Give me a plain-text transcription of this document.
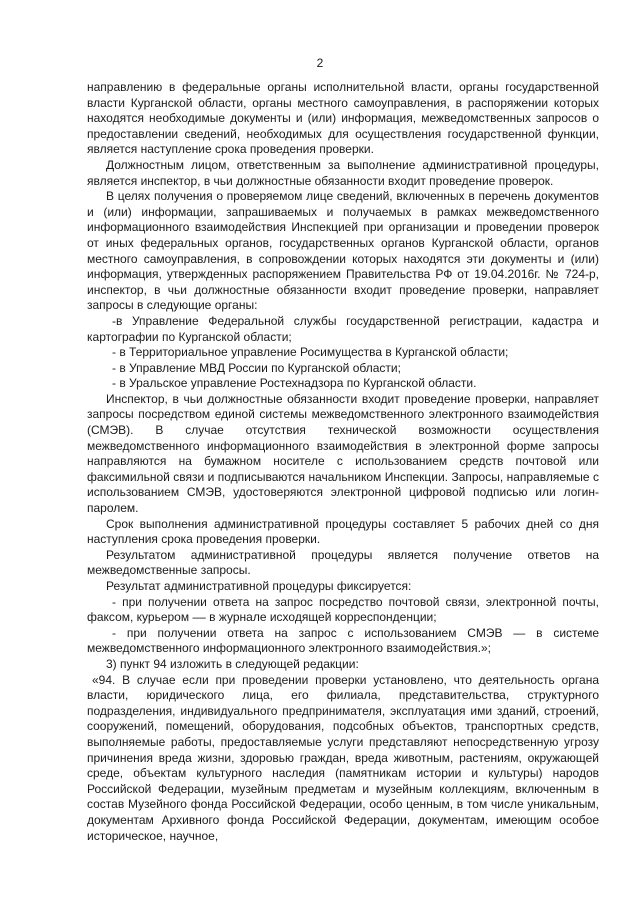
2

направлению в федеральные органы исполнительной власти, органы государственной власти Курганской области, органы местного самоуправления, в распоряжении которых находятся необходимые документы и (или) информация, межведомственных запросов о предоставлении сведений, необходимых для осуществления государственной функции, является наступление срока проведения проверки.

Должностным лицом, ответственным за выполнение административной процедуры, является инспектор, в чьи должностные обязанности входит проведение проверок.

В целях получения о проверяемом лице сведений, включенных в перечень документов и (или) информации, запрашиваемых и получаемых в рамках межведомственного информационного взаимодействия Инспекцией при организации и проведении проверок от иных федеральных органов, государственных органов Курганской области, органов местного самоуправления, в сопровождении которых находятся эти документы и (или) информация, утвержденных распоряжением Правительства РФ от 19.04.2016г. № 724-р, инспектор, в чьи должностные обязанности входит проведение проверки, направляет запросы в следующие органы:

-в Управление Федеральной службы государственной регистрации, кадастра и картографии по Курганской области;

- в Территориальное управление Росимущества в Курганской области;

- в Управление МВД России по Курганской области;

- в Уральское управление Ростехнадзора по Курганской области.

Инспектор, в чьи должностные обязанности входит проведение проверки, направляет запросы посредством единой системы межведомственного электронного взаимодействия (СМЭВ). В случае отсутствия технической возможности осуществления межведомственного информационного взаимодействия в электронной форме запросы направляются на бумажном носителе с использованием средств почтовой или факсимильной связи и подписываются начальником Инспекции. Запросы, направляемые с использованием СМЭВ, удостоверяются электронной цифровой подписью или логин-паролем.

Срок выполнения административной процедуры составляет 5 рабочих дней со дня наступления срока проведения проверки.

Результатом административной процедуры является получение ответов на межведомственные запросы.

Результат административной процедуры фиксируется:

- при получении ответа на запрос посредство почтовой связи, электронной почты, факсом, курьером –– в журнале исходящей корреспонденции;

- при получении ответа на запрос с использованием СМЭВ — в системе межведомственного информационного электронного взаимодействия.»;

3) пункт 94 изложить в следующей редакции:

«94. В случае если при проведении проверки установлено, что деятельность органа власти, юридического лица, его филиала, представительства, структурного подразделения, индивидуального предпринимателя, эксплуатация ими зданий, строений, сооружений, помещений, оборудования, подсобных объектов, транспортных средств, выполняемые работы, предоставляемые услуги представляют непосредственную угрозу причинения вреда жизни, здоровью граждан, вреда животным, растениям, окружающей среде, объектам культурного наследия (памятникам истории и культуры) народов Российской Федерации, музейным предметам и музейным коллекциям, включенным в состав Музейного фонда Российской Федерации, особо ценным, в том числе уникальным, документам Архивного фонда Российской Федерации, документам, имеющим особое историческое, научное,
